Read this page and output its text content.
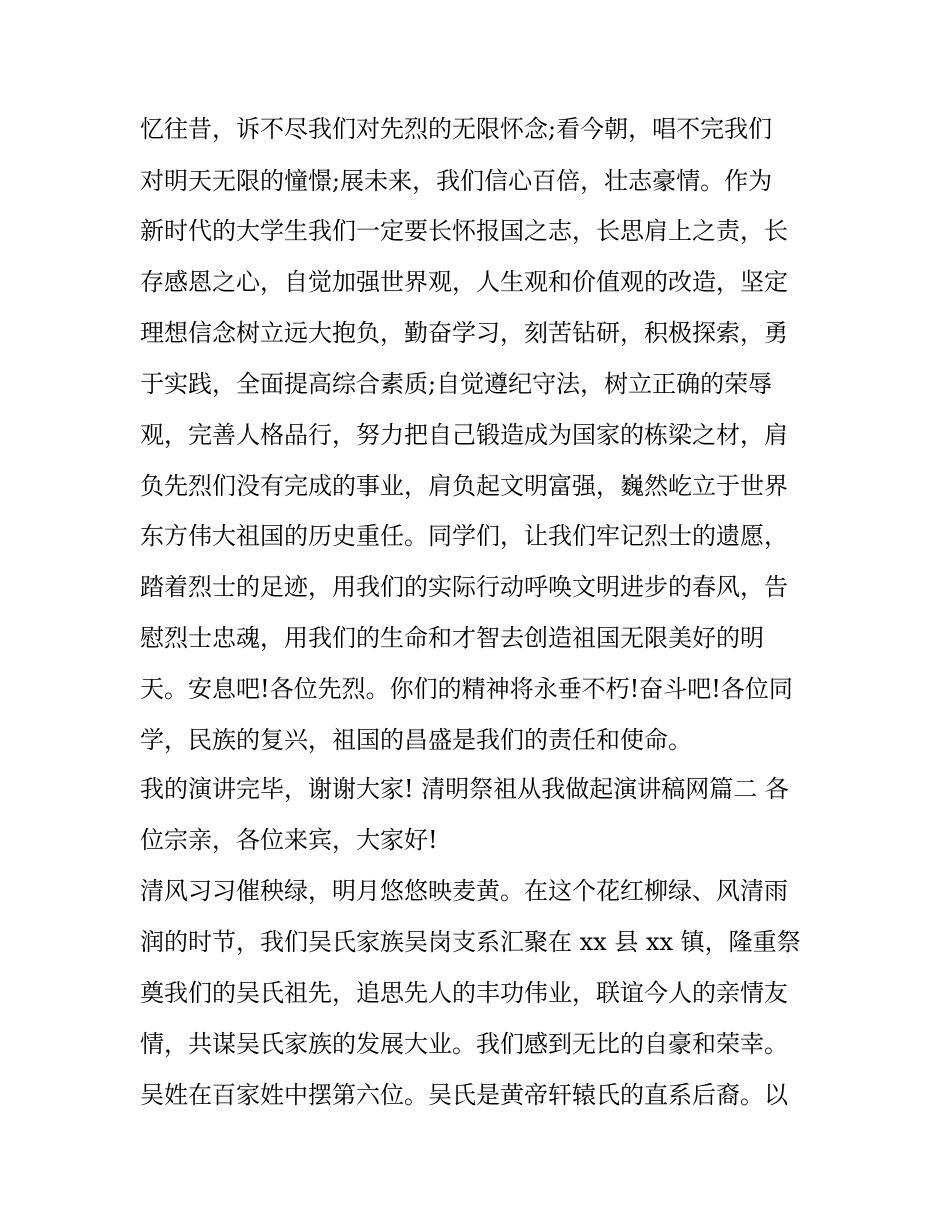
忆往昔，诉不尽我们对先烈的无限怀念;看今朝，唱不完我们

对明天无限的憧憬;展未来，我们信心百倍，壮志豪情。作为

新时代的大学生我们一定要长怀报国之志，长思肩上之责，长

存感恩之心，自觉加强世界观，人生观和价值观的改造，坚定

理想信念树立远大抱负，勤奋学习，刻苦钻研，积极探索，勇

于实践，全面提高综合素质;自觉遵纪守法，树立正确的荣辱

观，完善人格品行，努力把自己锻造成为国家的栋梁之材，肩

负先烈们没有完成的事业，肩负起文明富强，巍然屹立于世界

东方伟大祖国的历史重任。同学们，让我们牢记烈士的遗愿，

踏着烈士的足迹，用我们的实际行动呼唤文明进步的春风，告

慰烈士忠魂，用我们的生命和才智去创造祖国无限美好的明

天。安息吧!各位先烈。你们的精神将永垂不朽!奋斗吧!各位同

学，民族的复兴，祖国的昌盛是我们的责任和使命。

我的演讲完毕，谢谢大家! 清明祭祖从我做起演讲稿网篇二 各

位宗亲，各位来宾，大家好!

清风习习催秧绿，明月悠悠映麦黄。在这个花红柳绿、风清雨

润的时节，我们吴氏家族吴岗支系汇聚在 xx 县 xx 镇，隆重祭

奠我们的吴氏祖先，追思先人的丰功伟业，联谊今人的亲情友

情，共谋吴氏家族的发展大业。我们感到无比的自豪和荣幸。

吴姓在百家姓中摆第六位。吴氏是黄帝轩辕氏的直系后裔。以
